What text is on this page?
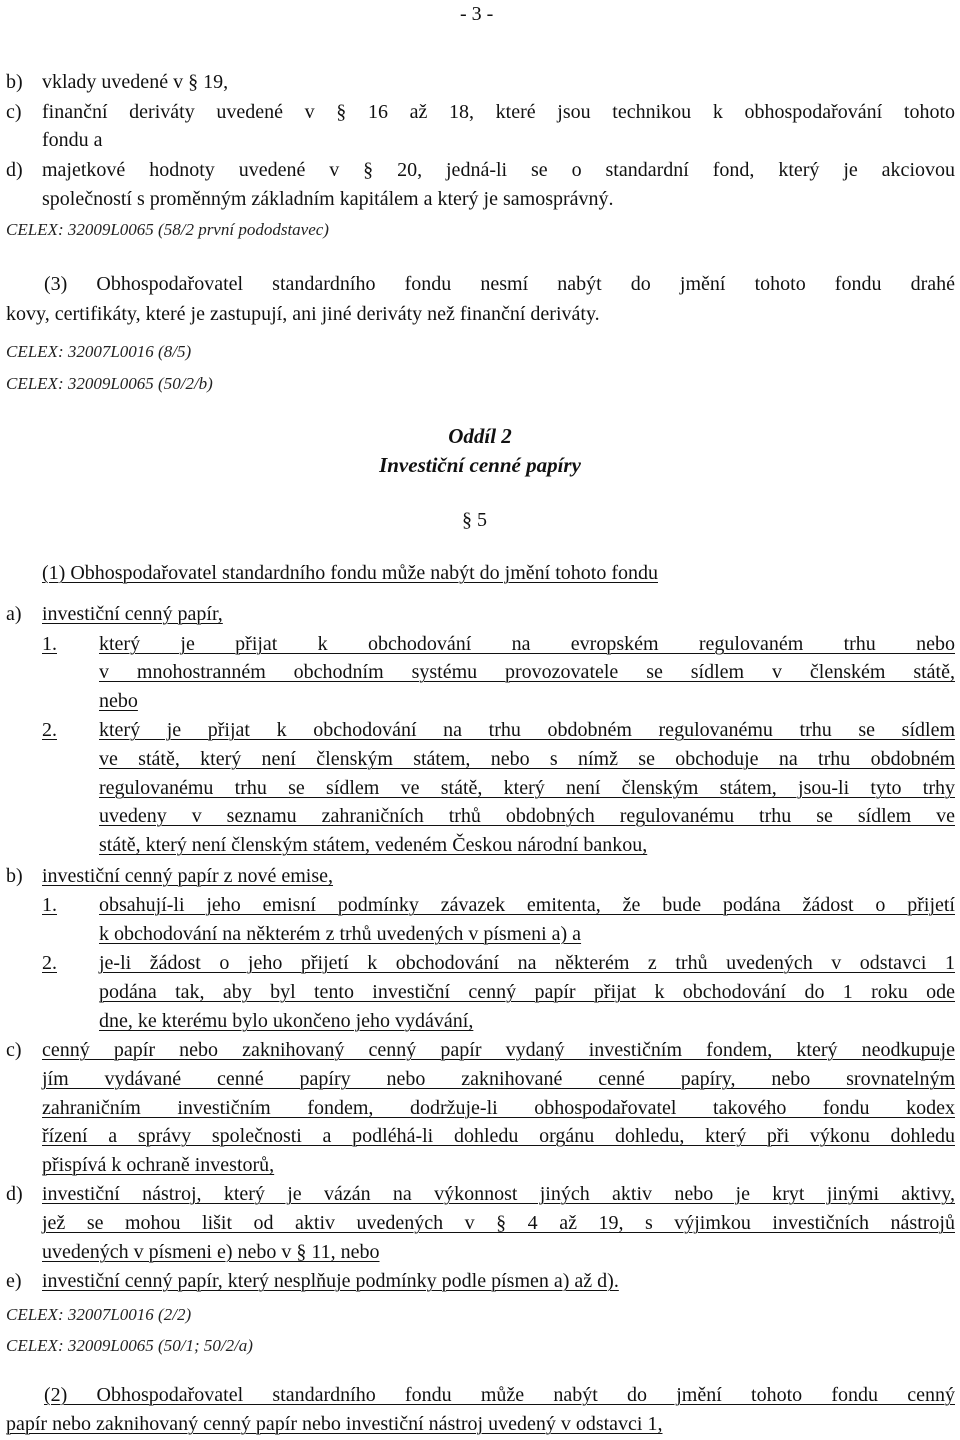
- 3 -
b) vklady uvedené v § 19,
c) finanční deriváty uvedené v § 16 až 18, které jsou technikou k obhospodařování tohoto
fondu a
d) majetkové hodnoty uvedené v § 20, jedná-li se o standardní fond, který je akciovou
společností s proměnným základním kapitálem a který je samosprávný.
CELEX: 32009L0065 (58/2 první pododstavec)
(3) Obhospodařovatel standardního fondu nesmí nabýt do jmění tohoto fondu drahé
kovy, certifikáty, které je zastupují, ani jiné deriváty než finanční deriváty.
CELEX: 32007L0016 (8/5)
CELEX: 32009L0065 (50/2/b)
Oddíl 2
Investiční cenné papíry
§ 5
(1) Obhospodařovatel standardního fondu může nabýt do jmění tohoto fondu
a) investiční cenný papír,
1. který je přijat k obchodování na evropském regulovaném trhu nebo
v mnohostranném obchodním systému provozovatele se sídlem v členském státě,
nebo
2. který je přijat k obchodování na trhu obdobném regulovanému trhu se sídlem
ve státě, který není členským státem, nebo s nímž se obchoduje na trhu obdobném
regulovanému trhu se sídlem ve státě, který není členským státem, jsou-li tyto trhy
uvedeny v seznamu zahraničních trhů obdobných regulovanému trhu se sídlem ve
státě, který není členským státem, vedeném Českou národní bankou,
b) investiční cenný papír z nové emise,
1. obsahují-li jeho emisní podmínky závazek emitenta, že bude podána žádost o přijetí
k obchodování na některém z trhů uvedených v písmeni a) a
2. je-li žádost o jeho přijetí k obchodování na některém z trhů uvedených v odstavci 1
podána tak, aby byl tento investiční cenný papír přijat k obchodování do 1 roku ode
dne, ke kterému bylo ukončeno jeho vydávání,
c) cenný papír nebo zaknihovaný cenný papír vydaný investičním fondem, který neodkupuje
jím vydávané cenné papíry nebo zaknihované cenné papíry, nebo srovnatelným
zahraničním investičním fondem, dodržuje-li obhospodařovatel takového fondu kodex
řízení a správy společnosti a podléhá-li dohledu orgánu dohledu, který při výkonu dohledu
přispívá k ochraně investorů,
d) investiční nástroj, který je vázán na výkonnost jiných aktiv nebo je kryt jinými aktivy,
jež se mohou lišit od aktiv uvedených v § 4 až 19, s výjimkou investičních nástrojů
uvedených v písmeni e) nebo v § 11, nebo
e) investiční cenný papír, který nesplňuje podmínky podle písmen a) až d).
CELEX: 32007L0016 (2/2)
CELEX: 32009L0065 (50/1; 50/2/a)
(2) Obhospodařovatel standardního fondu může nabýt do jmění tohoto fondu cenný
papír nebo zaknihovaný cenný papír nebo investiční nástroj uvedený v odstavci 1,
